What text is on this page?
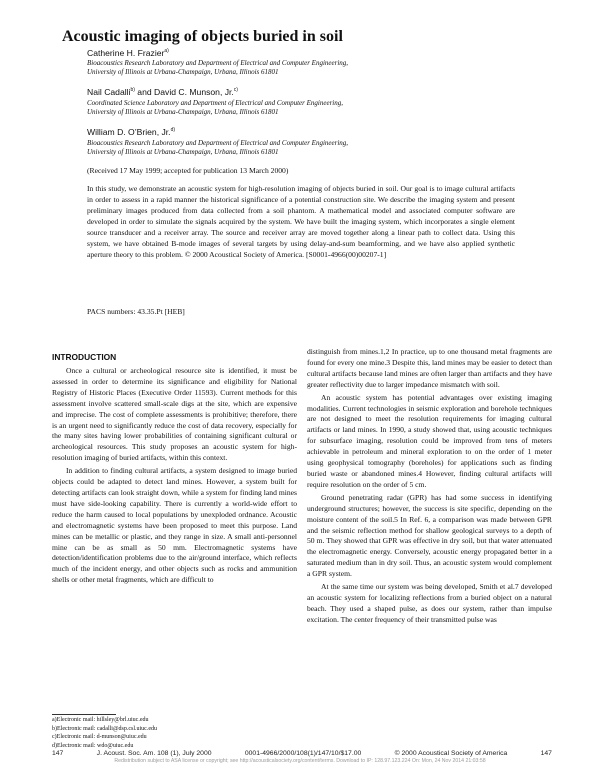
Acoustic imaging of objects buried in soil
Catherine H. Frazier$^{a)}$
Bioacoustics Research Laboratory and Department of Electrical and Computer Engineering,
University of Illinois at Urbana-Champaign, Urbana, Illinois 61801
Nail Cadalli$^{b)}$ and David C. Munson, Jr.$^{c)}$
Coordinated Science Laboratory and Department of Electrical and Computer Engineering,
University of Illinois at Urbana-Champaign, Urbana, Illinois 61801
William D. O’Brien, Jr.$^{d)}$
Bioacoustics Research Laboratory and Department of Electrical and Computer Engineering,
University of Illinois at Urbana-Champaign, Urbana, Illinois 61801
(Received 17 May 1999; accepted for publication 13 March 2000)

In this study, we demonstrate an acoustic system for high-resolution imaging of objects buried in soil. Our goal is to image cultural artifacts in order to assess in a rapid manner the historical significance of a potential construction site. We describe the imaging system and present preliminary images produced from data collected from a soil phantom. A mathematical model and associated computer software are developed in order to simulate the signals acquired by the system. We have built the imaging system, which incorporates a single element source transducer and a receiver array. The source and receiver array are moved together along a linear path to collect data. Using this system, we have obtained B-mode images of several targets by using delay-and-sum beamforming, and we have also applied synthetic aperture theory to this problem. © 2000 Acoustical Society of America. [S0001-4966(00)00207-1]

PACS numbers: 43.35.Pt [HEB]
INTRODUCTION

Once a cultural or archeological resource site is identified, it must be assessed in order to determine its significance and eligibility for National Registry of Historic Places (Executive Order 11593). Current methods for this assessment involve scattered small-scale digs at the site, which are expensive and imprecise. The cost of complete assessments is prohibitive; therefore, there is an urgent need to significantly reduce the cost of data recovery, especially for the many sites having lower probabilities of containing significant cultural or archeological resources. This study proposes an acoustic system for high-resolution imaging of buried artifacts, within this context.

In addition to finding cultural artifacts, a system designed to image buried objects could be adapted to detect land mines. However, a system built for detecting artifacts can look straight down, while a system for finding land mines must have side-looking capability. There is currently a world-wide effort to reduce the harm caused to local populations by unexploded ordnance. Acoustic and electromagnetic systems have been proposed to meet this purpose. Land mines can be metallic or plastic, and they range in size. A small anti-personnel mine can be as small as 50 mm. Electromagnetic systems have detection/identification problems due to the air/ground interface, which reflects much of the incident energy, and other objects such as rocks and ammunition shells or other metal fragments, which are difficult to

distinguish from mines.1,2 In practice, up to one thousand metal fragments are found for every one mine.3 Despite this, land mines may be easier to detect than cultural artifacts because land mines are often larger than artifacts and they have greater reflectivity due to larger impedance mismatch with soil.

An acoustic system has potential advantages over existing imaging modalities. Current technologies in seismic exploration and borehole techniques are not designed to meet the resolution requirements for imaging cultural artifacts or land mines. In 1990, a study showed that, using acoustic techniques for subsurface imaging, resolution could be improved from tens of meters achievable in petroleum and mineral exploration to on the order of 1 meter using geophysical tomography (boreholes) for applications such as finding buried waste or abandoned mines.4 However, finding cultural artifacts will require resolution on the order of 5 cm.

Ground penetrating radar (GPR) has had some success in identifying underground structures; however, the success is site specific, depending on the moisture content of the soil.5 In Ref. 6, a comparison was made between GPR and the seismic reflection method for shallow geological surveys to a depth of 50 m. They showed that GPR was effective in dry soil, but that water attenuated the electromagnetic energy. Conversely, acoustic energy propagated better in a saturated medium than in dry soil. Thus, an acoustic system would complement a GPR system.

At the same time our system was being developed, Smith et al.7 developed an acoustic system for localizing reflections from a buried object on a natural beach. They used a shaped pulse, as does our system, rather than impulse excitation. The center frequency of their transmitted pulse was

a)Electronic mail: hillsley@brl.uiuc.edu
b)Electronic mail: cadalli@dsp.csl.uiuc.edu
c)Electronic mail: d-munson@uiuc.edu
d)Electronic mail: wdo@uiuc.edu
147	J. Acoust. Soc. Am. 108 (1), July 2000	0001-4966/2000/108(1)/147/10/$17.00	© 2000 Acoustical Society of America	147
Redistribution subject to ASA license or copyright; see http://acousticalsociety.org/content/terms. Download to IP: 128.97.123.224 On: Mon, 24 Nov 2014 21:03:58
